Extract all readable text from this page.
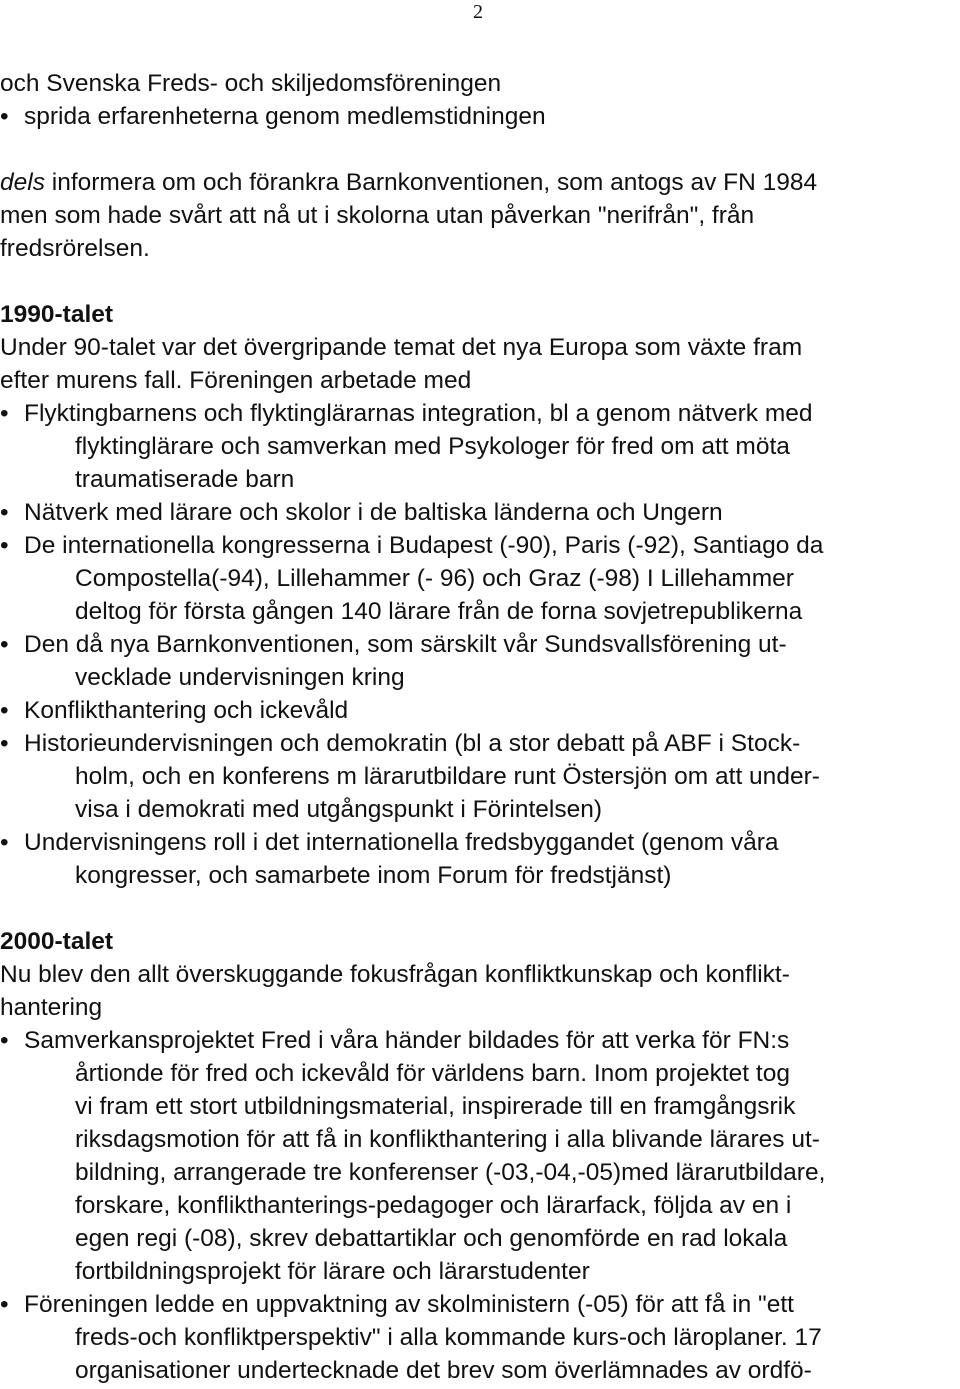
2
och Svenska Freds- och skiljedomsföreningen
• sprida erfarenheterna genom medlemstidningen
dels informera om och förankra Barnkonventionen, som antogs av FN 1984
men som hade svårt att nå ut i skolorna utan påverkan "nerifrån", från
fredsrörelsen.
1990-talet
Under 90-talet var det övergripande temat det nya Europa som växte fram
efter murens fall. Föreningen arbetade med
• Flyktingbarnens och flyktinglärarnas integration, bl a genom nätverk med
flyktinglärare och samverkan med Psykologer för fred om att möta
traumatiserade barn
• Nätverk med lärare och skolor i de baltiska länderna och Ungern
• De internationella kongresserna i Budapest (-90), Paris (-92), Santiago da
Compostella(-94), Lillehammer (- 96) och Graz (-98) I Lillehammer
deltog för första gången 140 lärare från de forna sovjetrepublikerna
• Den då nya Barnkonventionen, som särskilt vår Sundsvallsförening ut-
vecklade undervisningen kring
• Konflikthantering och ickevåld
• Historieundervisningen och demokratin (bl a stor debatt på ABF i Stock-
holm, och en konferens m lärarutbildare runt Östersjön om att under-
visa i demokrati med utgångspunkt i Förintelsen)
• Undervisningens roll i det internationella fredsbyggandet (genom våra
kongresser, och samarbete inom Forum för fredstjänst)
2000-talet
Nu blev den allt överskuggande fokusfrågan konfliktkunskap och konflikt-
hantering
• Samverkansprojektet Fred i våra händer bildades för att verka för FN:s
årtionde för fred och ickevåld för världens barn. Inom projektet tog
vi fram ett stort utbildningsmaterial, inspirerade till en framgångsrik
riksdagsmotion för att få in konflikthantering i alla blivande lärares ut-
bildning, arrangerade tre konferenser (-03,-04,-05)med lärarutbildare,
forskare, konflikthanterings-pedagoger och lärarfack, följda av en i
egen regi (-08), skrev debattartiklar och genomförde en rad lokala
fortbildningsprojekt för lärare och lärarstudenter
• Föreningen ledde en uppvaktning av skolministern (-05) för att få in "ett
freds-och konfliktperspektiv" i alla kommande kurs-och läroplaner. 17
organisationer undertecknade det brev som överlämnades av ordfö-
